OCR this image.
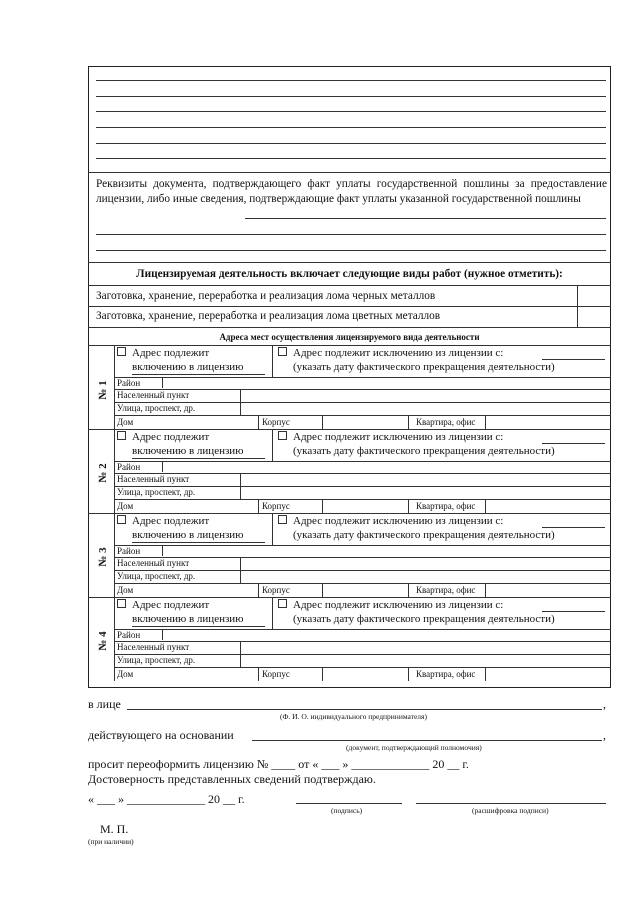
Реквизиты документа, подтверждающего факт уплаты государственной пошлины за предоставление лицензии, либо иные сведения, подтверждающие факт уплаты указанной государственной пошлины
Лицензируемая деятельность включает следующие виды работ (нужное отметить):
Заготовка, хранение, переработка и реализация лома черных металлов
Заготовка, хранение, переработка и реализация лома цветных металлов
Адреса мест осуществления лицензируемого вида деятельности
№ 1
Адрес подлежит
включению в лицензию
Адрес подлежит исключению из лицензии с:
(указать дату фактического прекращения деятельности)
Район
Населенный пункт
Улица, проспект, др.
Дом	Корпус	Квартира, офис
№ 2
Адрес подлежит
включению в лицензию
Адрес подлежит исключению из лицензии с:
(указать дату фактического прекращения деятельности)
Район
Населенный пункт
Улица, проспект, др.
Дом	Корпус	Квартира, офис
№ 3
Адрес подлежит
включению в лицензию
Адрес подлежит исключению из лицензии с:
(указать дату фактического прекращения деятельности)
Район
Населенный пункт
Улица, проспект, др.
Дом	Корпус	Квартира, офис
№ 4
Адрес подлежит
включению в лицензию
Адрес подлежит исключению из лицензии с:
(указать дату фактического прекращения деятельности)
Район
Населенный пункт
Улица, проспект, др.
Дом	Корпус	Квартира, офис
в лице	,
(Ф. И. О. индивидуального предпринимателя)
действующего на основании	,
(документ, подтверждающий полномочия)
просит переоформить лицензию № ____ от « ___ » _____________ 20 __ г.
Достоверность представленных сведений подтверждаю.
« ___ » _____________ 20 __ г.
(подпись)	(расшифровка подписи)
М. П.
(при наличии)
